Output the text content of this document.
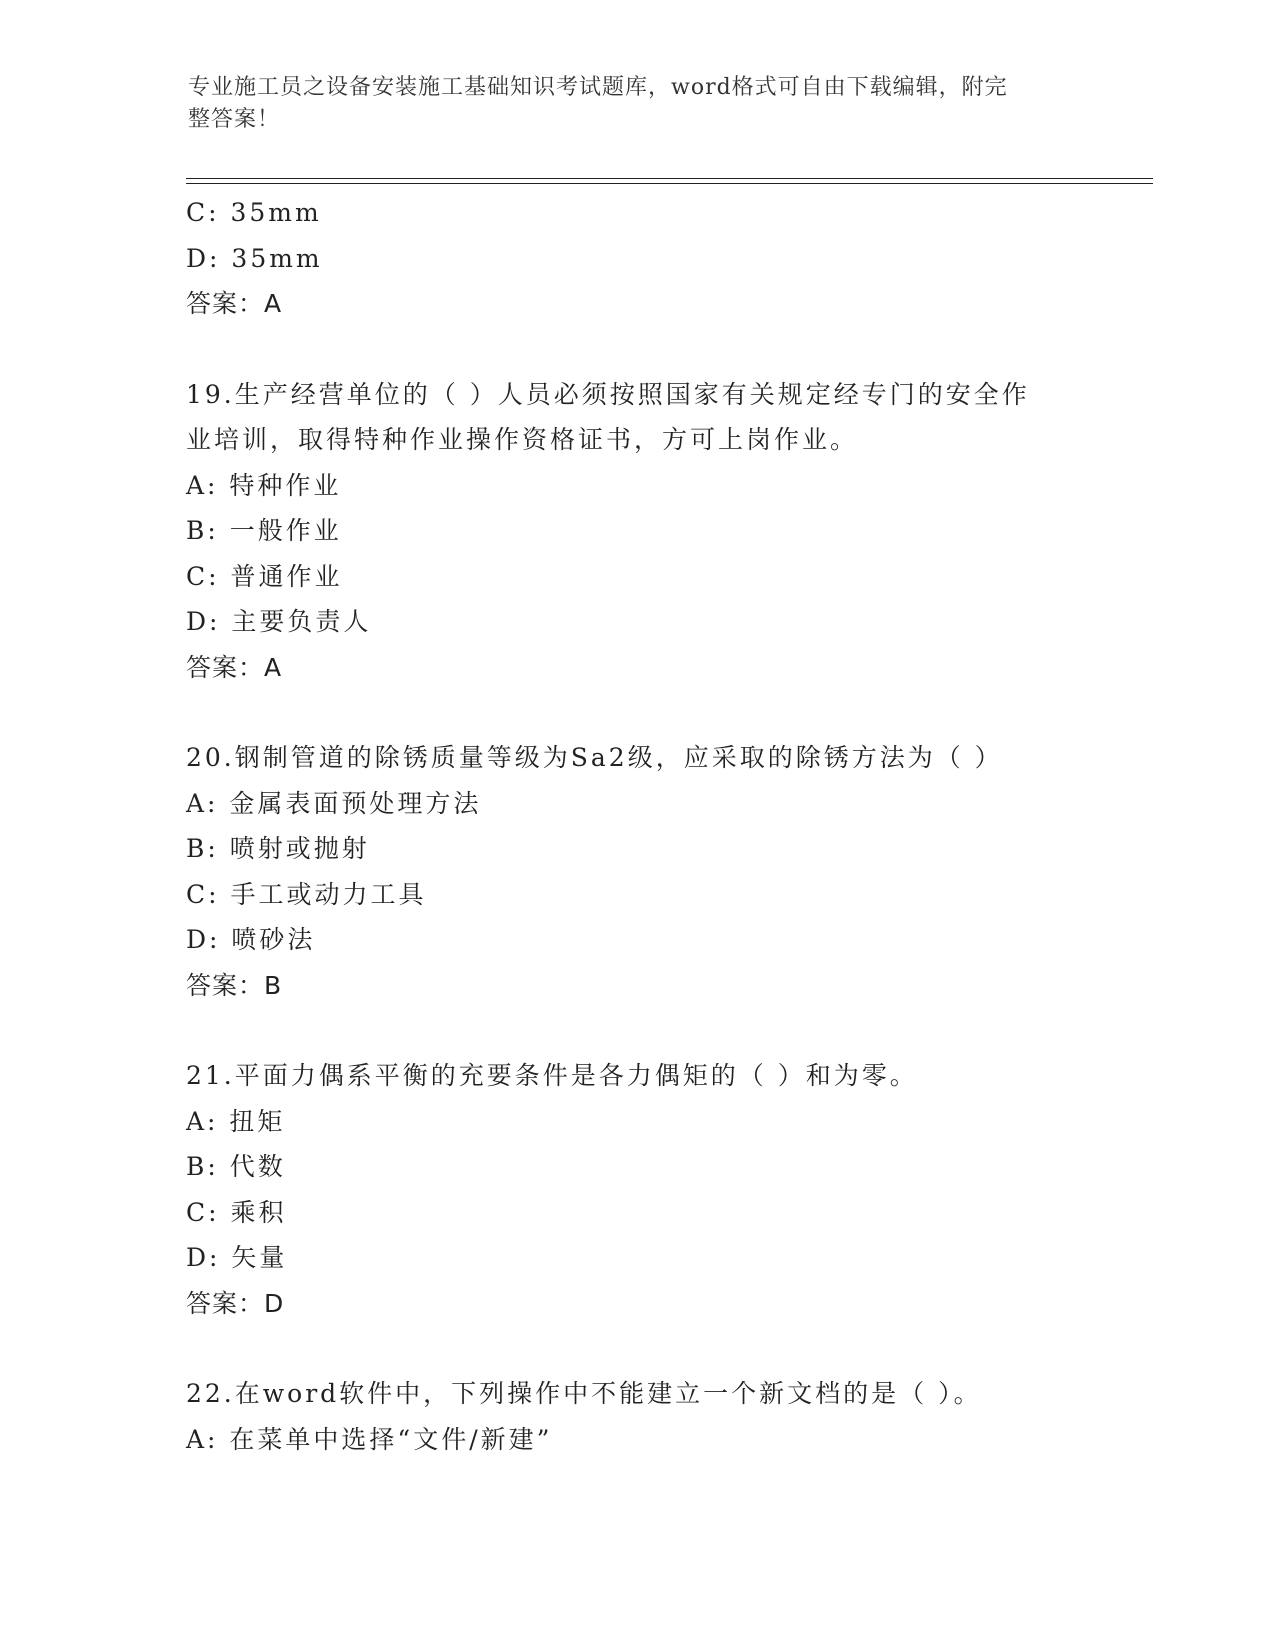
专业施工员之设备安装施工基础知识考试题库，word格式可自由下载编辑，附完
整答案！
C: 35mm
D: 35mm
答案：A
19.生产经营单位的（ ）人员必须按照国家有关规定经专门的安全作
业培训，取得特种作业操作资格证书，方可上岗作业。
A: 特种作业
B: 一般作业
C: 普通作业
D: 主要负责人
答案：A
20.钢制管道的除锈质量等级为Sa2级，应采取的除锈方法为（ ）
A: 金属表面预处理方法
B: 喷射或抛射
C: 手工或动力工具
D: 喷砂法
答案：B
21.平面力偶系平衡的充要条件是各力偶矩的（ ）和为零。
A: 扭矩
B: 代数
C: 乘积
D: 矢量
答案：D
22.在word软件中，下列操作中不能建立一个新文档的是（ ）。
A: 在菜单中选择“文件/新建”
